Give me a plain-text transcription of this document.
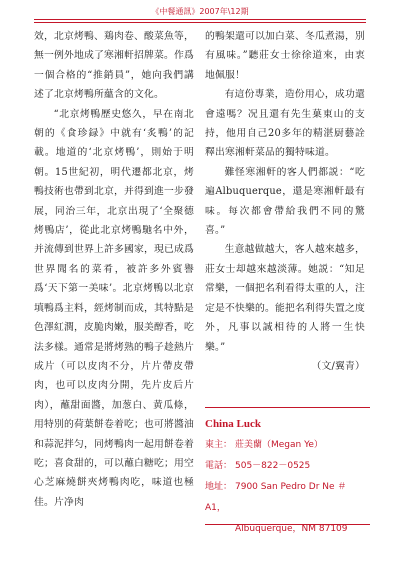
《中餐通訊》2007年\12期

效，北京烤鴨、鶏肉卷、酸菜魚等，無一例外地成了寒湘軒招牌菜。作爲一個合格的“推銷員”，她向我們講述了北京烤鴨所蘊含的文化。

“北京烤鴨歷史悠久，早在南北朝的《食珍録》中就有‘炙鴨’的記載。地道的‘北京烤鴨’，則始于明朝。15世紀初，明代遷都北京，烤鴨技術也帶到北京，并得到進一步發展，同治三年，北京出現了‘全聚德烤鴨店’，從此北京烤鴨馳名中外，并流傳到世界上許多國家，現已成爲世界聞名的菜肴，被許多外賓譽爲‘天下第一美味’。北京烤鴨以北京填鴨爲主料，經烤制而成，其特點是色澤紅潤，皮脆肉嫩，服美醇香，吃法多樣。通常是將烤熟的鴨子趁熱片成片（可以皮肉不分，片片帶皮帶肉，也可以皮肉分開，先片皮后片肉），蘸甜面醬，加葱白、黄瓜條，用特別的荷葉餅卷着吃；也可將醬油和蒜泥拌匀，同烤鴨肉一起用餅卷着吃；喜食甜的，可以蘸白糖吃；用空心芝麻燒餅夾烤鴨肉吃，味道也極佳。片净肉

的鴨架還可以加白菜、冬瓜煮湯，別有風味。”聽莊女士徐徐道來，由衷地佩服！

有這份專業，造份用心，成功還會遠嗎？况且還有先生菓東山的支持，他用自己20多年的精湛厨藝詮釋出寒湘軒菜品的獨特味道。

難怪寒湘軒的客人們都説：“吃遍Albuquerque，還是寒湘軒最有味。每次都會帶給我們不同的驚喜。”

生意越做越大，客人越來越多，莊女士却越來越淡薄。她説：“知足常樂，一個把名利看得太重的人，注定是不快樂的。能把名利得失置之度外，凡事以誠相待的人將一生快樂。”

（文/翼青）

China Luck
東主： 莊美蘭（Megan Ye）
電話： 505－822－0525
地址： 7900 San Pedro Dr Ne ＃ A1，
Albuquerque，NM 87109
